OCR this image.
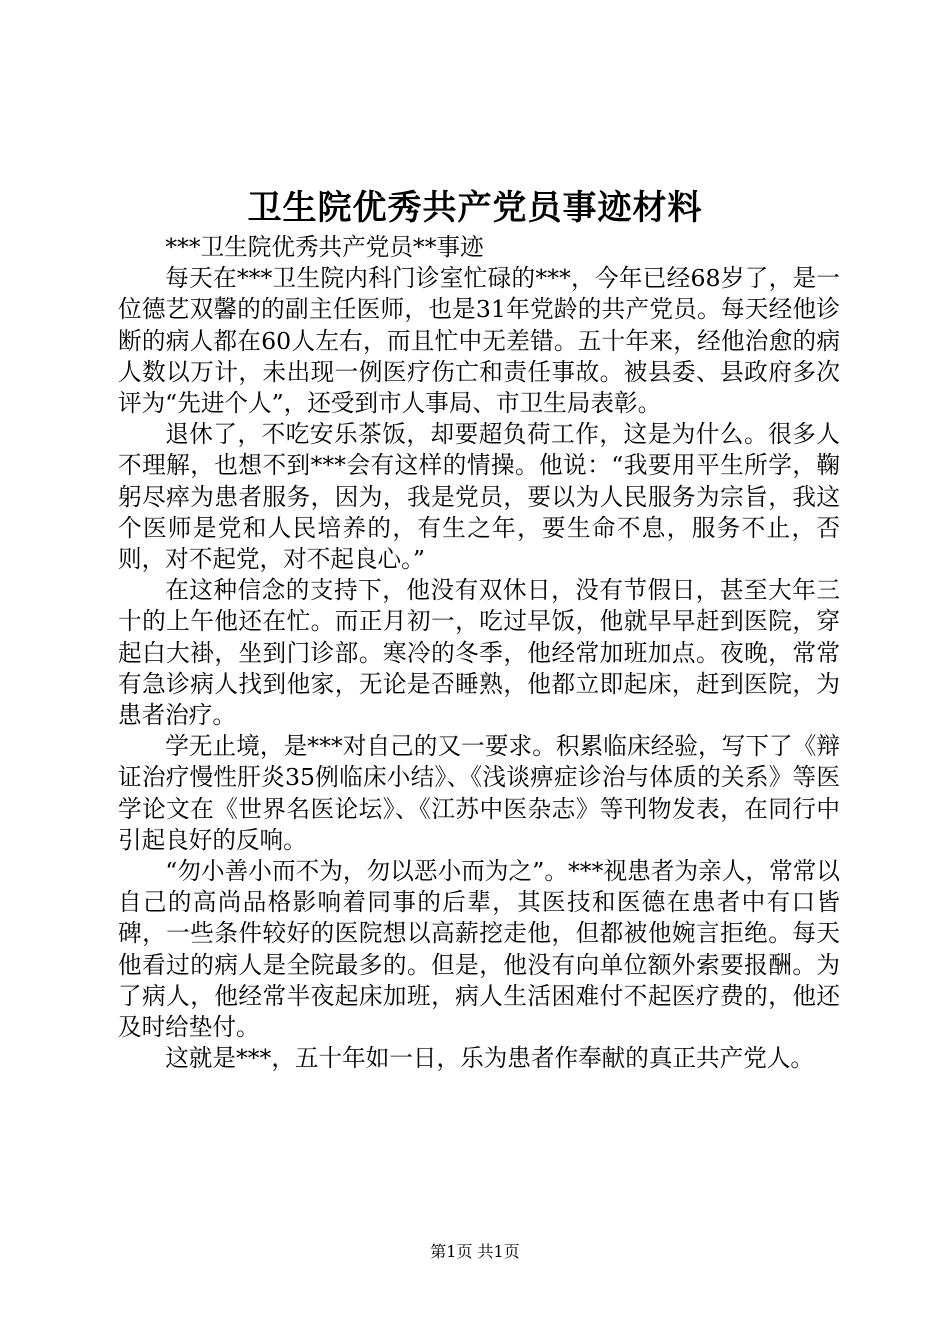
卫生院优秀共产党员事迹材料

***卫生院优秀共产党员**事迹

每天在***卫生院内科门诊室忙碌的***，今年已经68岁了，是一位德艺双馨的的副主任医师，也是31年党龄的共产党员。每天经他诊断的病人都在60人左右，而且忙中无差错。五十年来，经他治愈的病人数以万计，未出现一例医疗伤亡和责任事故。被县委、县政府多次评为“先进个人”，还受到市人事局、市卫生局表彰。

退休了，不吃安乐茶饭，却要超负荷工作，这是为什么。很多人不理解，也想不到***会有这样的情操。他说：“我要用平生所学，鞠躬尽瘁为患者服务，因为，我是党员，要以为人民服务为宗旨，我这个医师是党和人民培养的，有生之年，要生命不息，服务不止，否则，对不起党，对不起良心。”

在这种信念的支持下，他没有双休日，没有节假日，甚至大年三十的上午他还在忙。而正月初一，吃过早饭，他就早早赶到医院，穿起白大褂，坐到门诊部。寒冷的冬季，他经常加班加点。夜晚，常常有急诊病人找到他家，无论是否睡熟，他都立即起床，赶到医院，为患者治疗。

学无止境，是***对自己的又一要求。积累临床经验，写下了《辩证治疗慢性肝炎35例临床小结》、《浅谈痹症诊治与体质的关系》等医学论文在《世界名医论坛》、《江苏中医杂志》等刊物发表，在同行中引起良好的反响。

“勿小善小而不为，勿以恶小而为之”。***视患者为亲人，常常以自己的高尚品格影响着同事的后辈，其医技和医德在患者中有口皆碑，一些条件较好的医院想以高薪挖走他，但都被他婉言拒绝。每天他看过的病人是全院最多的。但是，他没有向单位额外索要报酬。为了病人，他经常半夜起床加班，病人生活困难付不起医疗费的，他还及时给垫付。

这就是***，五十年如一日，乐为患者作奉献的真正共产党人。

第1页 共1页
